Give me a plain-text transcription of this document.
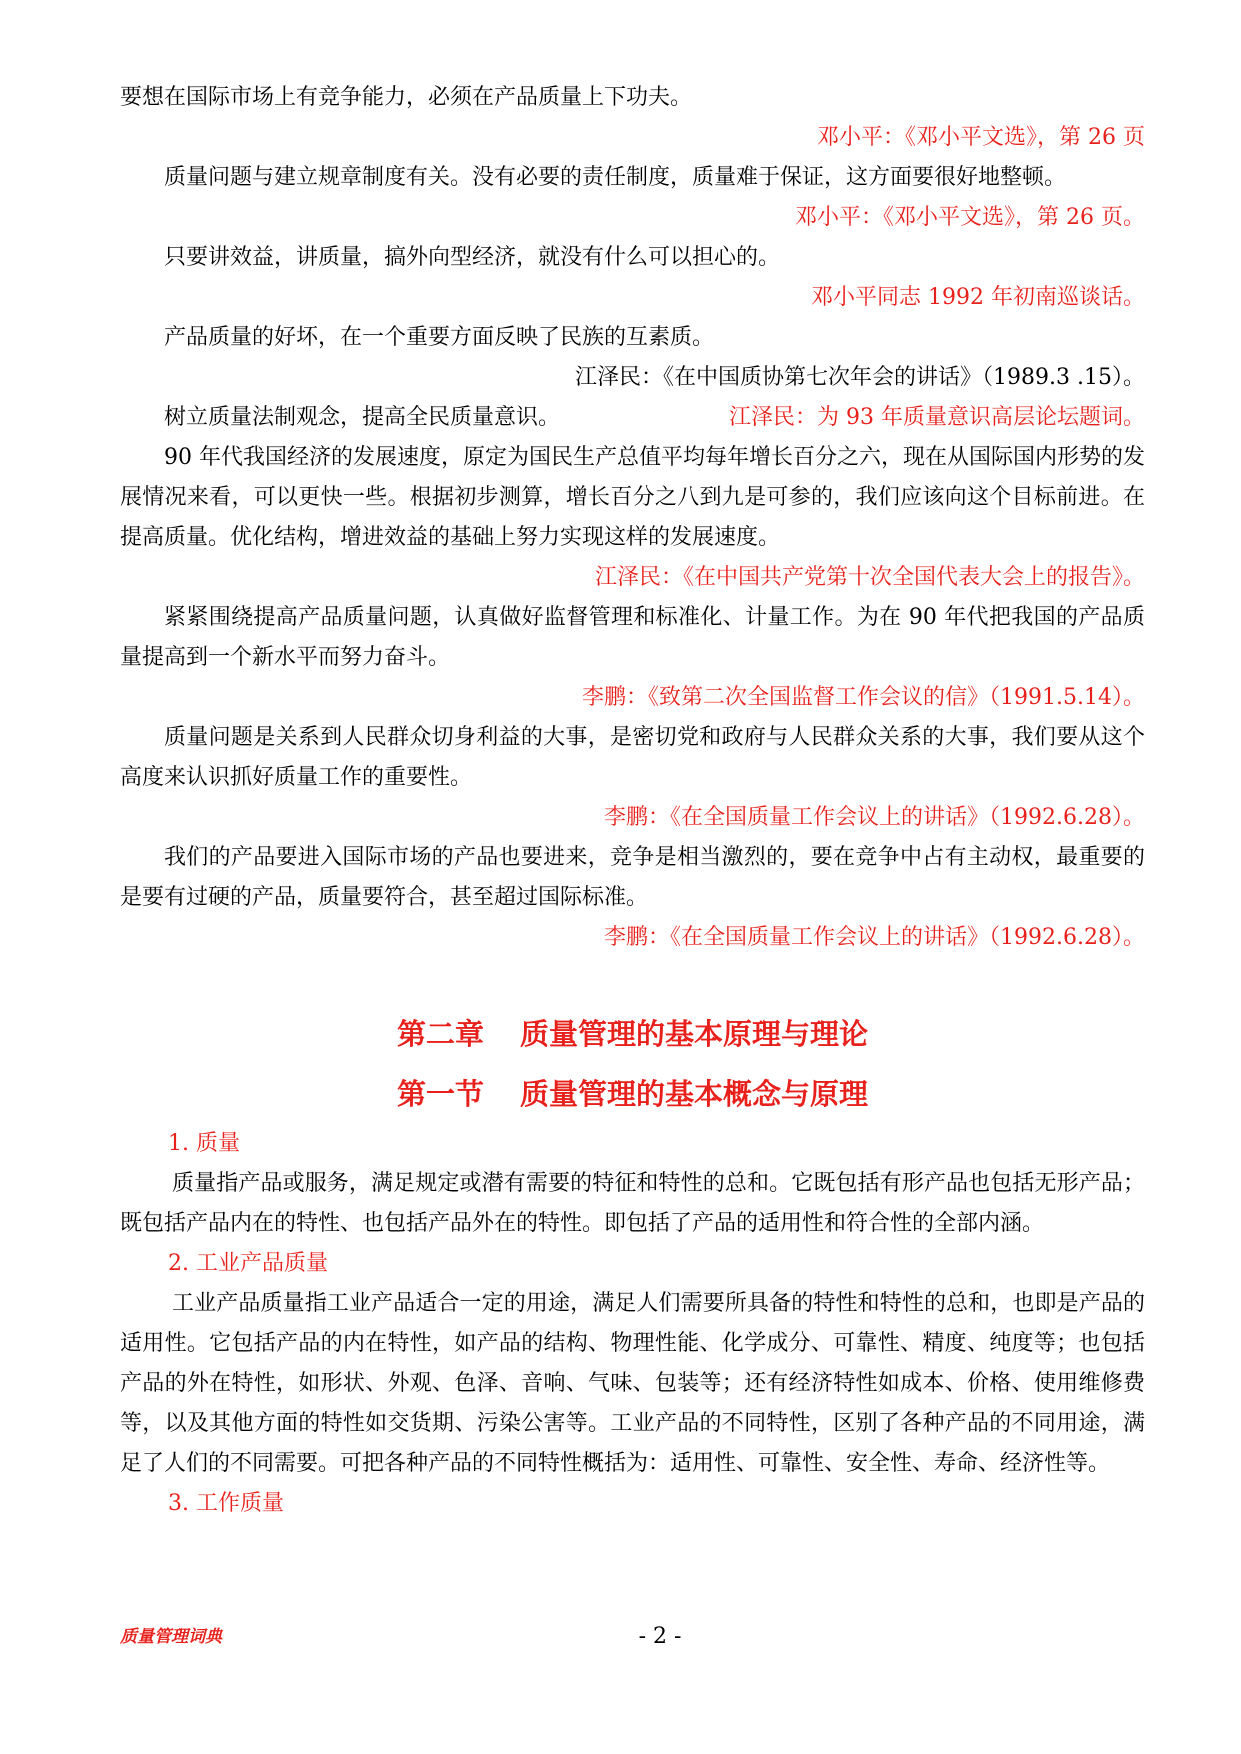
要想在国际市场上有竞争能力，必须在产品质量上下功夫。
邓小平：《邓小平文选》，第 26 页
质量问题与建立规章制度有关。没有必要的责任制度，质量难于保证，这方面要很好地整顿。
邓小平：《邓小平文选》，第 26 页。
只要讲效益，讲质量，搞外向型经济，就没有什么可以担心的。
邓小平同志 1992 年初南巡谈话。
产品质量的好坏，在一个重要方面反映了民族的互素质。
江泽民：《在中国质协第七次年会的讲话》（1989.3 .15）。
树立质量法制观念，提高全民质量意识。	江泽民：为 93 年质量意识高层论坛题词。
90 年代我国经济的发展速度，原定为国民生产总值平均每年增长百分之六，现在从国际国内形势的发展情况来看，可以更快一些。根据初步测算，增长百分之八到九是可参的，我们应该向这个目标前进。在提高质量。优化结构，增进效益的基础上努力实现这样的发展速度。
江泽民：《在中国共产党第十次全国代表大会上的报告》。
紧紧围绕提高产品质量问题，认真做好监督管理和标准化、计量工作。为在 90 年代把我国的产品质量提高到一个新水平而努力奋斗。
李鹏：《致第二次全国监督工作会议的信》（1991.5.14）。
质量问题是关系到人民群众切身利益的大事，是密切党和政府与人民群众关系的大事，我们要从这个高度来认识抓好质量工作的重要性。
李鹏：《在全国质量工作会议上的讲话》（1992.6.28）。
我们的产品要进入国际市场的产品也要进来，竞争是相当激烈的，要在竞争中占有主动权，最重要的是要有过硬的产品，质量要符合，甚至超过国际标准。
李鹏：《在全国质量工作会议上的讲话》（1992.6.28）。
第二章 质量管理的基本原理与理论
第一节 质量管理的基本概念与原理
1. 质量
质量指产品或服务，满足规定或潜有需要的特征和特性的总和。它既包括有形产品也包括无形产品；既包括产品内在的特性、也包括产品外在的特性。即包括了产品的适用性和符合性的全部内涵。
2. 工业产品质量
工业产品质量指工业产品适合一定的用途，满足人们需要所具备的特性和特性的总和，也即是产品的适用性。它包括产品的内在特性，如产品的结构、物理性能、化学成分、可靠性、精度、纯度等；也包括产品的外在特性，如形状、外观、色泽、音响、气味、包装等；还有经济特性如成本、价格、使用维修费等，以及其他方面的特性如交货期、污染公害等。工业产品的不同特性，区别了各种产品的不同用途，满足了人们的不同需要。可把各种产品的不同特性概括为：适用性、可靠性、安全性、寿命、经济性等。
3. 工作质量
质量管理词典	- 2 -
